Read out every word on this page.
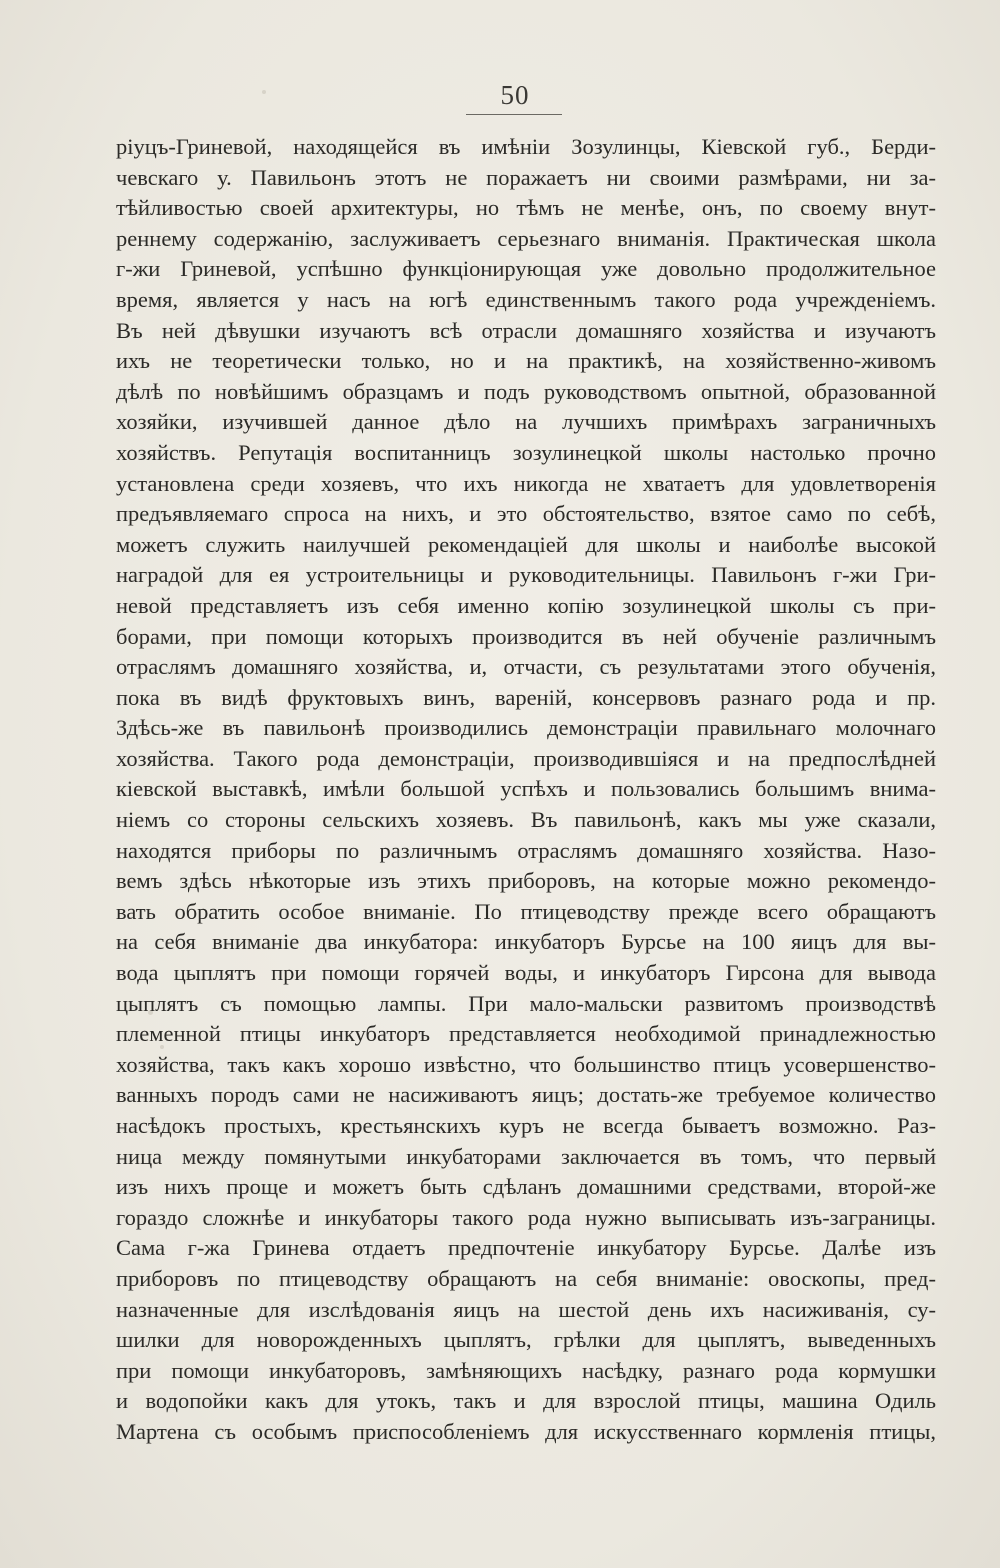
50
ріуцъ-Гриневой, находящейся въ имѣніи Зозулинцы, Кіевской губ., Берди-
чевскаго у. Павильонъ этотъ не поражаетъ ни своими размѣрами, ни за-
тѣйливостью своей архитектуры, но тѣмъ не менѣе, онъ, по своему внут-
реннему содержанію, заслуживаетъ серьезнаго вниманія. Практическая школа
г-жи Гриневой, успѣшно функціонирующая уже довольно продолжительное
время, является у насъ на югѣ единственнымъ такого рода учрежденіемъ.
Въ ней дѣвушки изучаютъ всѣ отрасли домашняго хозяйства и изучаютъ
ихъ не теоретически только, но и на практикѣ, на хозяйственно-живомъ
дѣлѣ по новѣйшимъ образцамъ и подъ руководствомъ опытной, образованной
хозяйки, изучившей данное дѣло на лучшихъ примѣрахъ заграничныхъ
хозяйствъ. Репутація воспитанницъ зозулинецкой школы настолько прочно
установлена среди хозяевъ, что ихъ никогда не хватаетъ для удовлетворенія
предъявляемаго спроса на нихъ, и это обстоятельство, взятое само по себѣ,
можетъ служить наилучшей рекомендаціей для школы и наиболѣе высокой
наградой для ея устроительницы и руководительницы. Павильонъ г-жи Гри-
невой представляетъ изъ себя именно копію зозулинецкой школы съ при-
борами, при помощи которыхъ производится въ ней обученіе различнымъ
отраслямъ домашняго хозяйства, и, отчасти, съ результатами этого обученія,
пока въ видѣ фруктовыхъ винъ, вареній, консервовъ разнаго рода и пр.
Здѣсь-же въ павильонѣ производились демонстраціи правильнаго молочнаго
хозяйства. Такого рода демонстраціи, производившіяся и на предпослѣдней
кіевской выставкѣ, имѣли большой успѣхъ и пользовались большимъ внима-
ніемъ со стороны сельскихъ хозяевъ. Въ павильонѣ, какъ мы уже сказали,
находятся приборы по различнымъ отраслямъ домашняго хозяйства. Назо-
вемъ здѣсь нѣкоторые изъ этихъ приборовъ, на которые можно рекомендо-
вать обратить особое вниманіе. По птицеводству прежде всего обращаютъ
на себя вниманіе два инкубатора: инкубаторъ Бурсье на 100 яицъ для вы-
вода цыплятъ при помощи горячей воды, и инкубаторъ Гирсона для вывода
цыплятъ съ помощью лампы. При мало-мальски развитомъ производствѣ
племенной птицы инкубаторъ представляется необходимой принадлежностью
хозяйства, такъ какъ хорошо извѣстно, что большинство птицъ усовершенство-
ванныхъ породъ сами не насиживаютъ яицъ; достать-же требуемое количество
насѣдокъ простыхъ, крестьянскихъ куръ не всегда бываетъ возможно. Раз-
ница между помянутыми инкубаторами заключается въ томъ, что первый
изъ нихъ проще и можетъ быть сдѣланъ домашними средствами, второй-же
гораздо сложнѣе и инкубаторы такого рода нужно выписывать изъ-заграницы.
Сама г-жа Гринева отдаетъ предпочтеніе инкубатору Бурсье. Далѣе изъ
приборовъ по птицеводству обращаютъ на себя вниманіе: овоскопы, пред-
назначенные для изслѣдованія яицъ на шестой день ихъ насиживанія, су-
шилки для новорожденныхъ цыплятъ, грѣлки для цыплятъ, выведенныхъ
при помощи инкубаторовъ, замѣняющихъ насѣдку, разнаго рода кормушки
и водопойки какъ для утокъ, такъ и для взрослой птицы, машина Одиль
Мартена съ особымъ приспособленіемъ для искусственнаго кормленія птицы,
